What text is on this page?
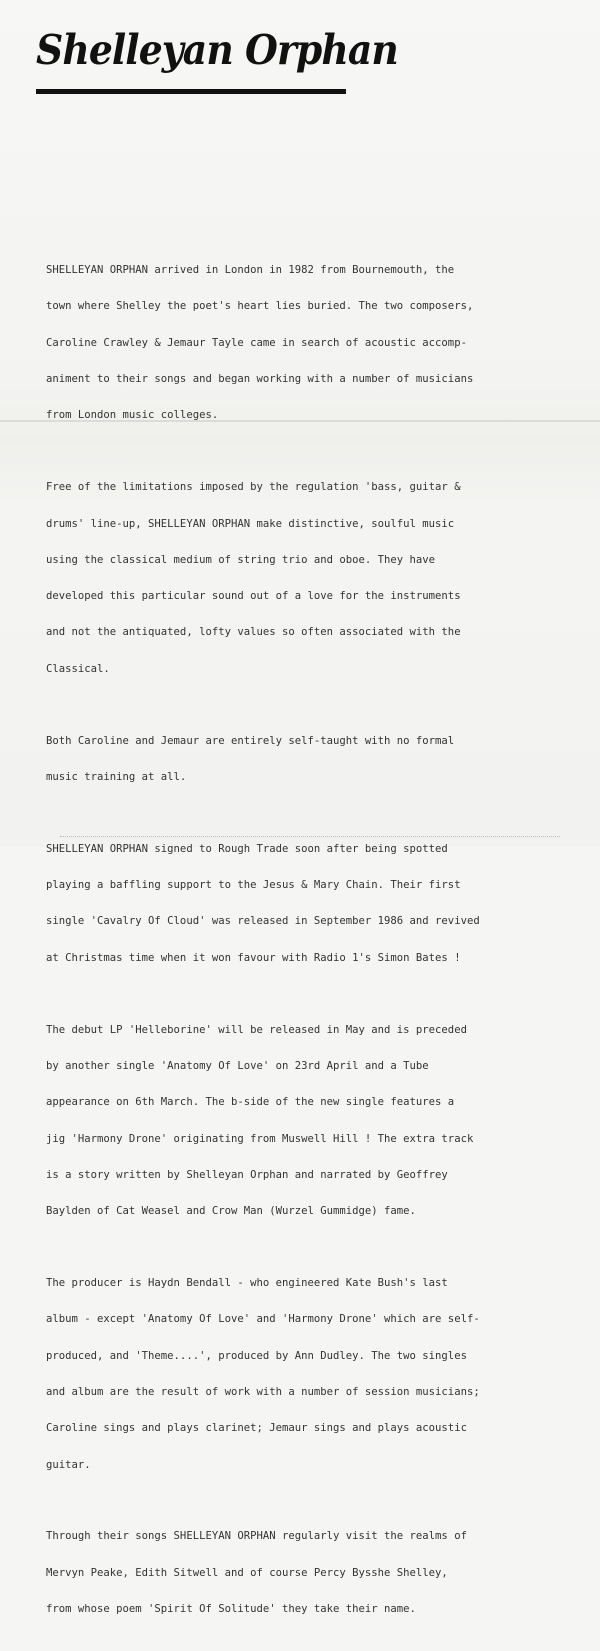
Shelleyan Orphan

SHELLEYAN ORPHAN arrived in London in 1982 from Bournemouth, the

town where Shelley the poet's heart lies buried. The two composers,

Caroline Crawley & Jemaur Tayle came in search of acoustic accomp-

animent to their songs and began working with a number of musicians

from London music colleges.

Free of the limitations imposed by the regulation 'bass, guitar &

drums' line-up, SHELLEYAN ORPHAN make distinctive, soulful music

using the classical medium of string trio and oboe. They have

developed this particular sound out of a love for the instruments

and not the antiquated, lofty values so often associated with the

Classical.

Both Caroline and Jemaur are entirely self-taught with no formal

music training at all.

SHELLEYAN ORPHAN signed to Rough Trade soon after being spotted

playing a baffling support to the Jesus & Mary Chain. Their first

single 'Cavalry Of Cloud' was released in September 1986 and revived

at Christmas time when it won favour with Radio 1's Simon Bates !

The debut LP 'Helleborine' will be released in May and is preceded

by another single 'Anatomy Of Love' on 23rd April and a Tube

appearance on 6th March. The b-side of the new single features a

jig 'Harmony Drone' originating from Muswell Hill ! The extra track

is a story written by Shelleyan Orphan and narrated by Geoffrey

Baylden of Cat Weasel and Crow Man (Wurzel Gummidge) fame.

The producer is Haydn Bendall - who engineered Kate Bush's last

album - except 'Anatomy Of Love' and 'Harmony Drone' which are self-

produced, and 'Theme....', produced by Ann Dudley. The two singles

and album are the result of work with a number of session musicians;

Caroline sings and plays clarinet; Jemaur sings and plays acoustic

guitar.

Through their songs SHELLEYAN ORPHAN regularly visit the realms of

Mervyn Peake, Edith Sitwell and of course Percy Bysshe Shelley,

from whose poem 'Spirit Of Solitude' they take their name.
